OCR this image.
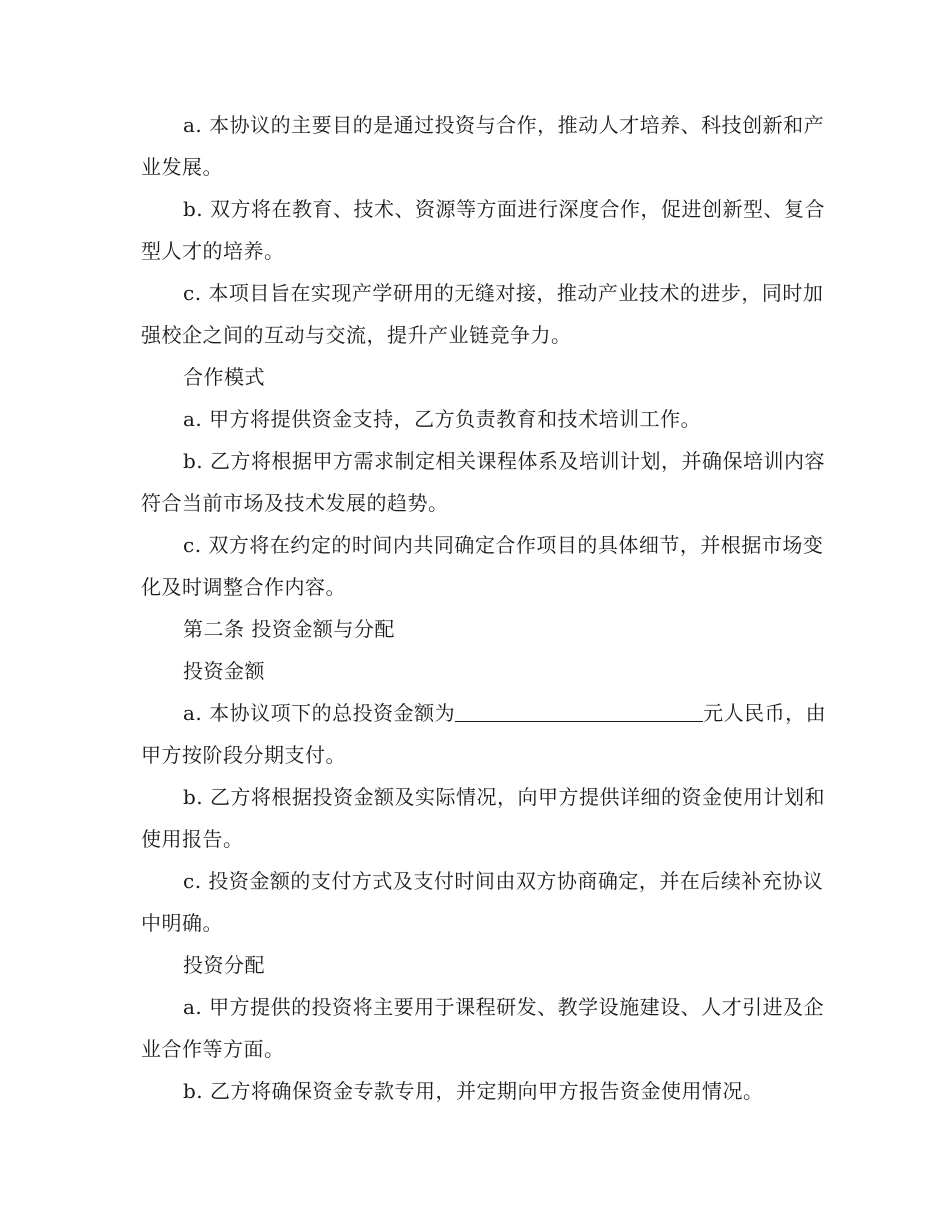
a. 本协议的主要目的是通过投资与合作，推动人才培养、科技创新和产业发展。

b. 双方将在教育、技术、资源等方面进行深度合作，促进创新型、复合型人才的培养。

c. 本项目旨在实现产学研用的无缝对接，推动产业技术的进步，同时加强校企之间的互动与交流，提升产业链竞争力。

合作模式

a. 甲方将提供资金支持，乙方负责教育和技术培训工作。

b. 乙方将根据甲方需求制定相关课程体系及培训计划，并确保培训内容符合当前市场及技术发展的趋势。

c. 双方将在约定的时间内共同确定合作项目的具体细节，并根据市场变化及时调整合作内容。

第二条 投资金额与分配

投资金额

a. 本协议项下的总投资金额为	元人民币，由甲方按阶段分期支付。

b. 乙方将根据投资金额及实际情况，向甲方提供详细的资金使用计划和使用报告。

c. 投资金额的支付方式及支付时间由双方协商确定，并在后续补充协议中明确。

投资分配

a. 甲方提供的投资将主要用于课程研发、教学设施建设、人才引进及企业合作等方面。

b. 乙方将确保资金专款专用，并定期向甲方报告资金使用情况。
